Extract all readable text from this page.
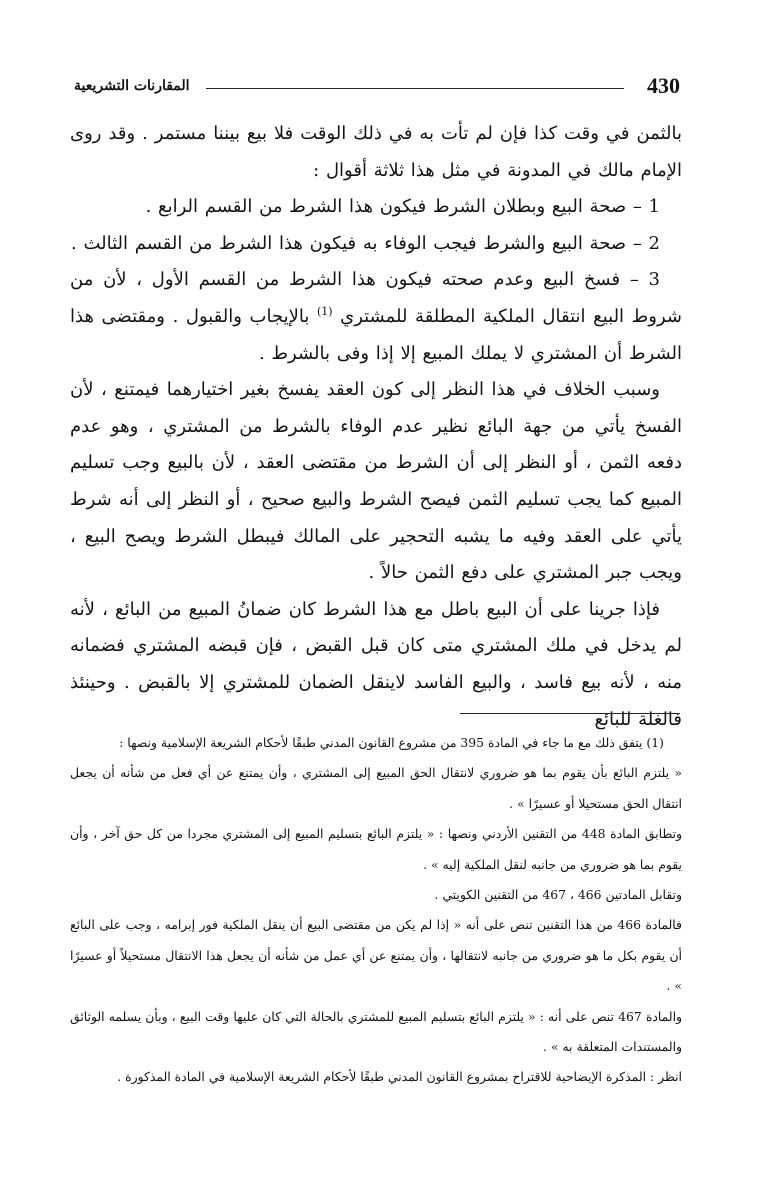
430
المقارنات التشريعية

بالثمن في وقت كذا فإن لم تأت به في ذلك الوقت فلا بيع بيننا مستمر . وقد روى الإمام مالك في المدونة في مثل هذا ثلاثة أقوال :

1 – صحة البيع وبطلان الشرط فيكون هذا الشرط من القسم الرابع .

2 – صحة البيع والشرط فيجب الوفاء به فيكون هذا الشرط من القسم الثالث .

3 – فسخ البيع وعدم صحته فيكون هذا الشرط من القسم الأول ، لأن من شروط البيع انتقال الملكية المطلقة للمشتري $^{(1)}$ بالإيجاب والقبول . ومقتضى هذا الشرط أن المشتري لا يملك المبيع إلا إذا وفى بالشرط .

وسبب الخلاف في هذا النظر إلى كون العقد يفسخ بغير اختيارهما فيمتنع ، لأن الفسخ يأتي من جهة البائع نظير عدم الوفاء بالشرط من المشتري ، وهو عدم دفعه الثمن ، أو النظر إلى أن الشرط من مقتضى العقد ، لأن بالبيع وجب تسليم المبيع كما يجب تسليم الثمن فيصح الشرط والبيع صحيح ، أو النظر إلى أنه شرط يأتي على العقد وفيه ما يشبه التحجير على المالك فيبطل الشرط ويصح البيع ، ويجب جبر المشتري على دفع الثمن حالاً .

فإذا جرينا على أن البيع باطل مع هذا الشرط كان ضمانُ المبيع من البائع ، لأنه لم يدخل في ملك المشتري متى كان قبل القبض ، فإن قبضه المشتري فضمانه منه ، لأنه بيع فاسد ، والبيع الفاسد لاينقل الضمان للمشتري إلا بالقبض . وحينئذ فالغلة للبائع

(1) يتفق ذلك مع ما جاء في المادة 395 من مشروع القانون المدني طبقًا لأحكام الشريعة الإسلامية ونصها :

« يلتزم البائع بأن يقوم بما هو ضروري لانتقال الحق المبيع إلى المشتري ، وأن يمتنع عن أي فعل من شأنه أن يجعل انتقال الحق مستحيلا أو عسيرًا » .

وتطابق المادة 448 من التقنين الأردني ونصها : « يلتزم البائع بتسليم المبيع إلى المشتري مجردا من كل حق آخر ، وأن يقوم بما هو ضروري من جانبه لنقل الملكية إليه » .

وتقابل المادتين 466 ، 467 من التقنين الكويتي .

فالمادة 466 من هذا التقنين تنص على أنه « إذا لم يكن من مقتضى البيع أن ينقل الملكية فور إبرامه ، وجب على البائع أن يقوم بكل ما هو ضروري من جانبه لانتقالها ، وأن يمتنع عن أي عمل من شأنه أن يجعل هذا الانتقال مستحيلاً أو عسيرًا » .

والمادة 467 تنص على أنه : « يلتزم البائع بتسليم المبيع للمشتري بالحالة التي كان عليها وقت البيع ، وبأن يسلمه الوثائق والمستندات المتعلقة به » .

انظر : المذكرة الإيضاحية للاقتراح بمشروع القانون المدني طبقًا لأحكام الشريعة الإسلامية في المادة المذكورة .
